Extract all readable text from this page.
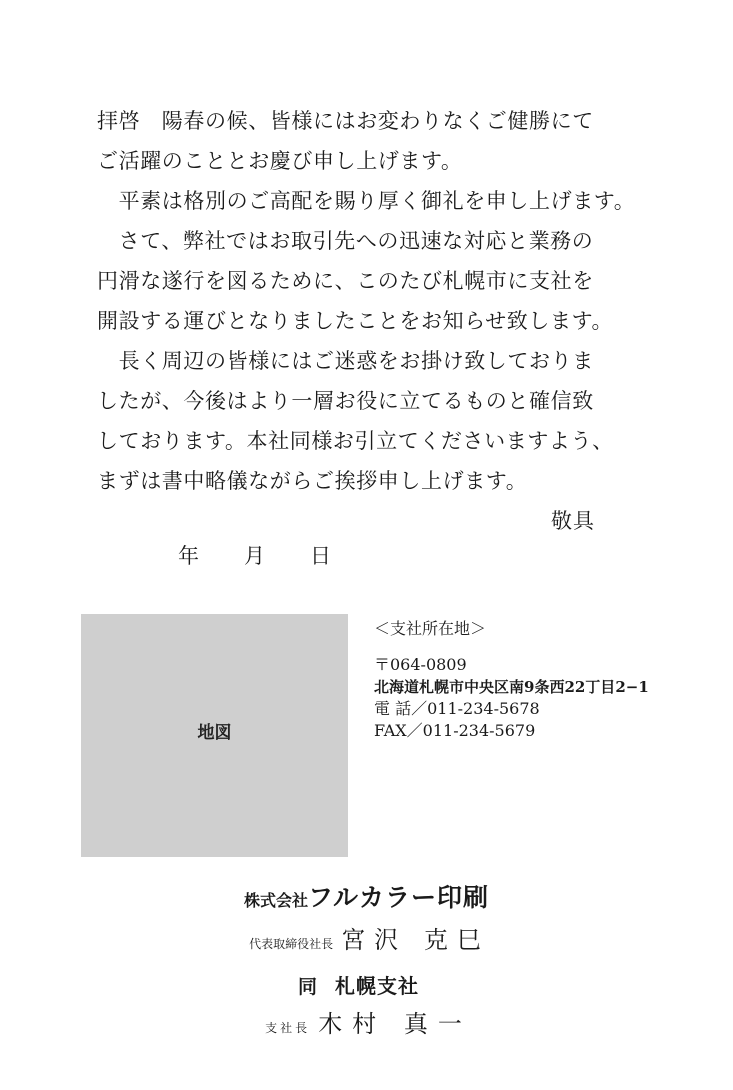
拝啓　陽春の候、皆様にはお変わりなくご健勝にて
ご活躍のこととお慶び申し上げます。
　平素は格別のご高配を賜り厚く御礼を申し上げます。
　さて、弊社ではお取引先への迅速な対応と業務の
円滑な遂行を図るために、このたび札幌市に支社を
開設する運びとなりましたことをお知らせ致します。
　長く周辺の皆様にはご迷惑をお掛け致しておりま
したが、今後はより一層お役に立てるものと確信致
しております。本社同様お引立てくださいますよう、
まずは書中略儀ながらご挨拶申し上げます。
敬具
年 月 日
地図
＜支社所在地＞
〒064-0809
北海道札幌市中央区南9条西22丁目2−1
電 話／011-234-5678
FAX／011-234-5679
株式会社フルカラー印刷
代表取締役社長 宮沢 克巳
同 札幌支社
支社長 木村 真一
